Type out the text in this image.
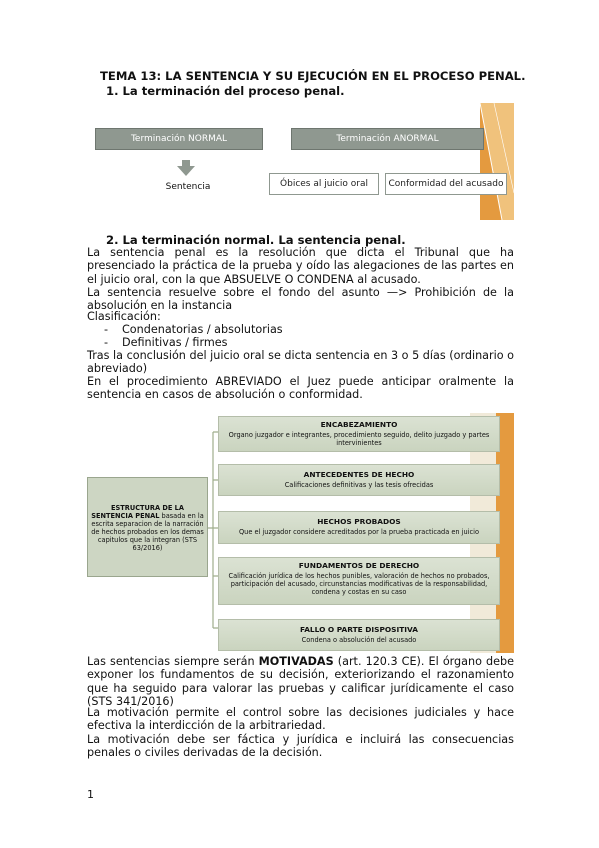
TEMA 13: LA SENTENCIA Y SU EJECUCIÓN EN EL PROCESO PENAL.
1. La terminación del proceso penal.
Terminación NORMAL	Terminación ANORMAL
Sentencia	Óbices al juicio oral	Conformidad del acusado
2. La terminación normal. La sentencia penal.
La sentencia penal es la resolución que dicta el Tribunal que ha presenciado la práctica de la prueba y oído las alegaciones de las partes en el juicio oral, con la que ABSUELVE O CONDENA al acusado.
La sentencia resuelve sobre el fondo del asunto —> Prohibición de la absolución en la instancia
Clasificación:
- Condenatorias / absolutorias
- Definitivas / firmes
Tras la conclusión del juicio oral se dicta sentencia en 3 o 5 días (ordinario o abreviado)
En el procedimiento ABREVIADO el Juez puede anticipar oralmente la sentencia en casos de absolución o conformidad.
ESTRUCTURA DE LA SENTENCIA PENAL basada en la escrita separacion de la narración de hechos probados en los demas capitulos que la integran (STS 63/2016)
ENCABEZAMIENTO
Organo juzgador e integrantes, procedimiento seguido, delito juzgado y partes intervinientes
ANTECEDENTES DE HECHO
Calificaciones definitivas y las tesis ofrecidas
HECHOS PROBADOS
Que el juzgador considere acreditados por la prueba practicada en juicio
FUNDAMENTOS DE DERECHO
Calificación jurídica de los hechos punibles, valoración de hechos no probados, participación del acusado, circunstancias modificativas de la responsabilidad, condena y costas en su caso
FALLO O PARTE DISPOSITIVA
Condena o absolución del acusado
Las sentencias siempre serán MOTIVADAS (art. 120.3 CE). El órgano debe exponer los fundamentos de su decisión, exteriorizando el razonamiento que ha seguido para valorar las pruebas y calificar jurídicamente el caso (STS 341/2016)
La motivación permite el control sobre las decisiones judiciales y hace efectiva la interdicción de la arbitrariedad.
La motivación debe ser fáctica y jurídica e incluirá las consecuencias penales o civiles derivadas de la decisión.
1
